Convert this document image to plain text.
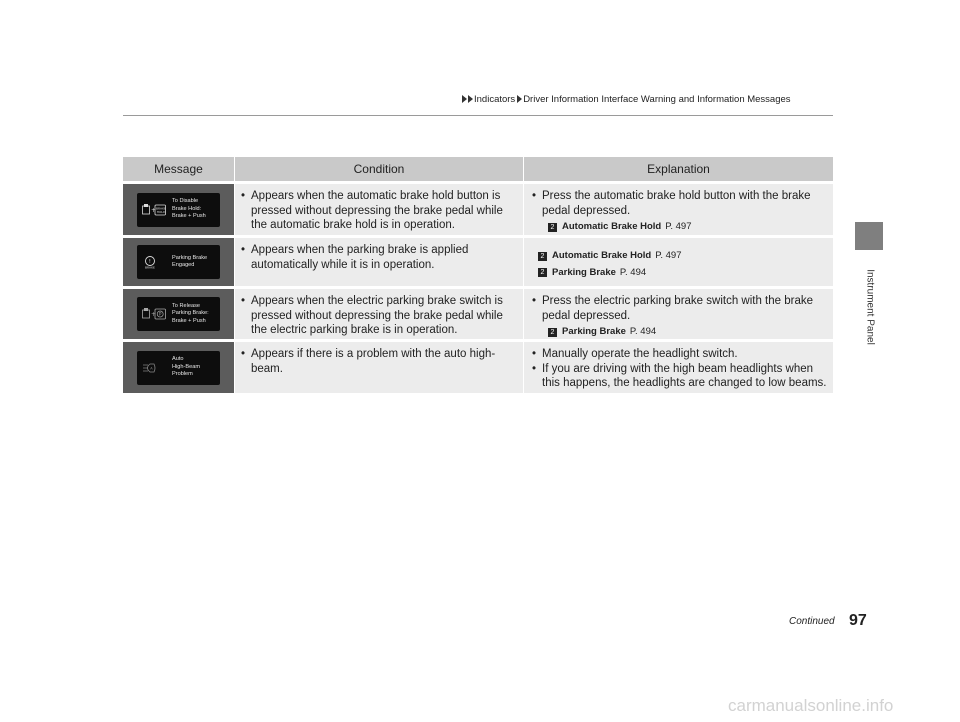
Indicators Driver Information Interface Warning and Information Messages
Instrument Panel
Message	Condition	Explanation
+ BRAKE
HOLD
To Disable
Brake Hold:
Brake + Push
• Appears when the automatic brake hold button is
pressed without depressing the brake pedal while
the automatic brake hold is in operation.
• Press the automatic brake hold button with the brake
pedal depressed.
2 Automatic Brake Hold P. 497
!
BRAKE
Parking Brake
Engaged
• Appears when the parking brake is applied
automatically while it is in operation.
2 Automatic Brake Hold P. 497
2 Parking Brake P. 494
+ P
To Release
Parking Brake:
Brake + Push
• Appears when the electric parking brake switch is
pressed without depressing the brake pedal while
the electric parking brake is in operation.
• Press the electric parking brake switch with the brake
pedal depressed.
2 Parking Brake P. 494
A
Auto
High-Beam
Problem
• Appears if there is a problem with the auto high-
beam.
• Manually operate the headlight switch.
• If you are driving with the high beam headlights when
this happens, the headlights are changed to low beams.
Continued 97
carmanualsonline.info
